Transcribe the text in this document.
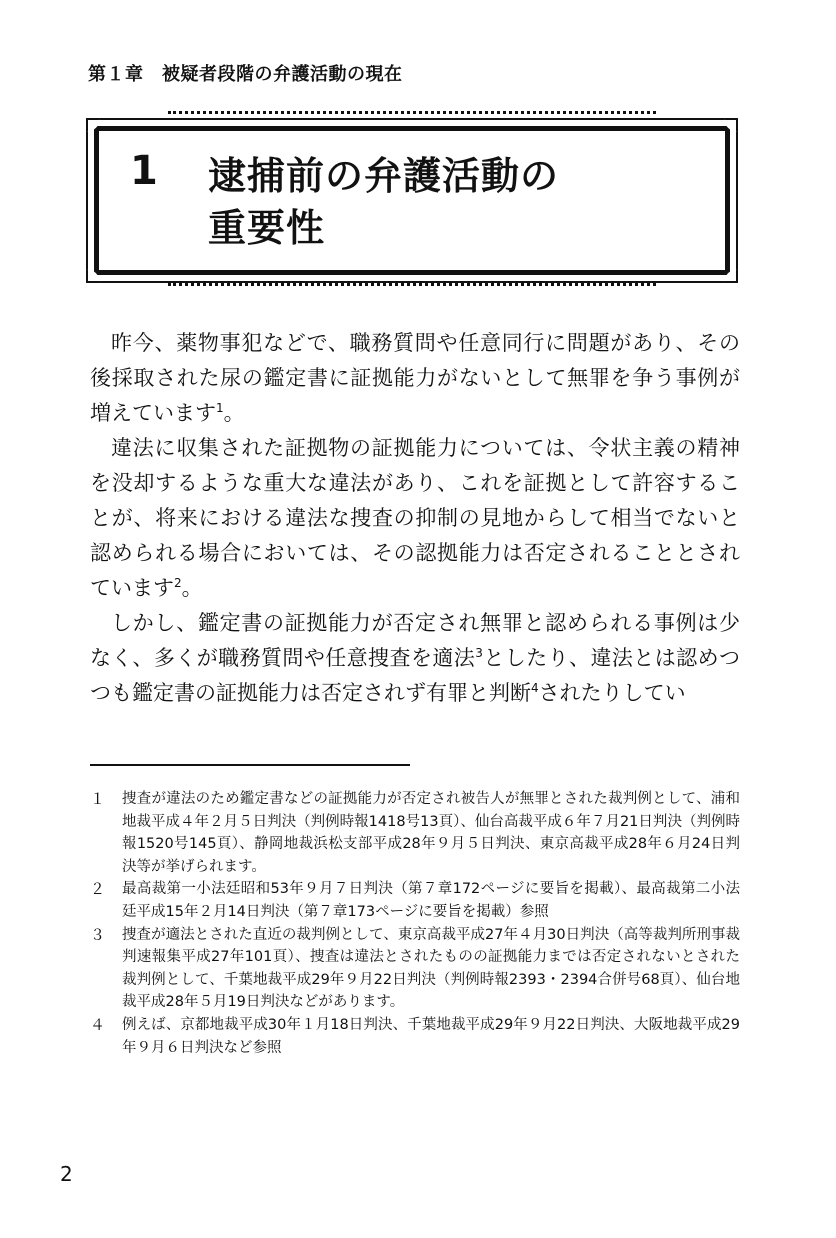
第１章　被疑者段階の弁護活動の現在
1 逮捕前の弁護活動の
重要性

昨今、薬物事犯などで、職務質問や任意同行に問題があり、その後採取された尿の鑑定書に証拠能力がないとして無罪を争う事例が増えています$^1$。

違法に収集された証拠物の証拠能力については、令状主義の精神を没却するような重大な違法があり、これを証拠として許容することが、将来における違法な捜査の抑制の見地からして相当でないと認められる場合においては、その認拠能力は否定されることとされています$^2$。

しかし、鑑定書の証拠能力が否定され無罪と認められる事例は少なく、多くが職務質問や任意捜査を適法$^3$としたり、違法とは認めつつも鑑定書の証拠能力は否定されず有罪と判断$^4$されたりしてい

１	捜査が違法のため鑑定書などの証拠能力が否定され被告人が無罪とされた裁判例として、浦和地裁平成４年２月５日判決（判例時報1418号13頁）、仙台高裁平成６年７月21日判決（判例時報1520号145頁）、静岡地裁浜松支部平成28年９月５日判決、東京高裁平成28年６月24日判決等が挙げられます。
２	最高裁第一小法廷昭和53年９月７日判決（第７章172ページに要旨を掲載）、最高裁第二小法廷平成15年２月14日判決（第７章173ページに要旨を掲載）参照
３	捜査が適法とされた直近の裁判例として、東京高裁平成27年４月30日判決（高等裁判所刑事裁判速報集平成27年101頁）、捜査は違法とされたものの証拠能力までは否定されないとされた裁判例として、千葉地裁平成29年９月22日判決（判例時報2393・2394合併号68頁）、仙台地裁平成28年５月19日判決などがあります。
４	例えば、京都地裁平成30年１月18日判決、千葉地裁平成29年９月22日判決、大阪地裁平成29年９月６日判決など参照
2
